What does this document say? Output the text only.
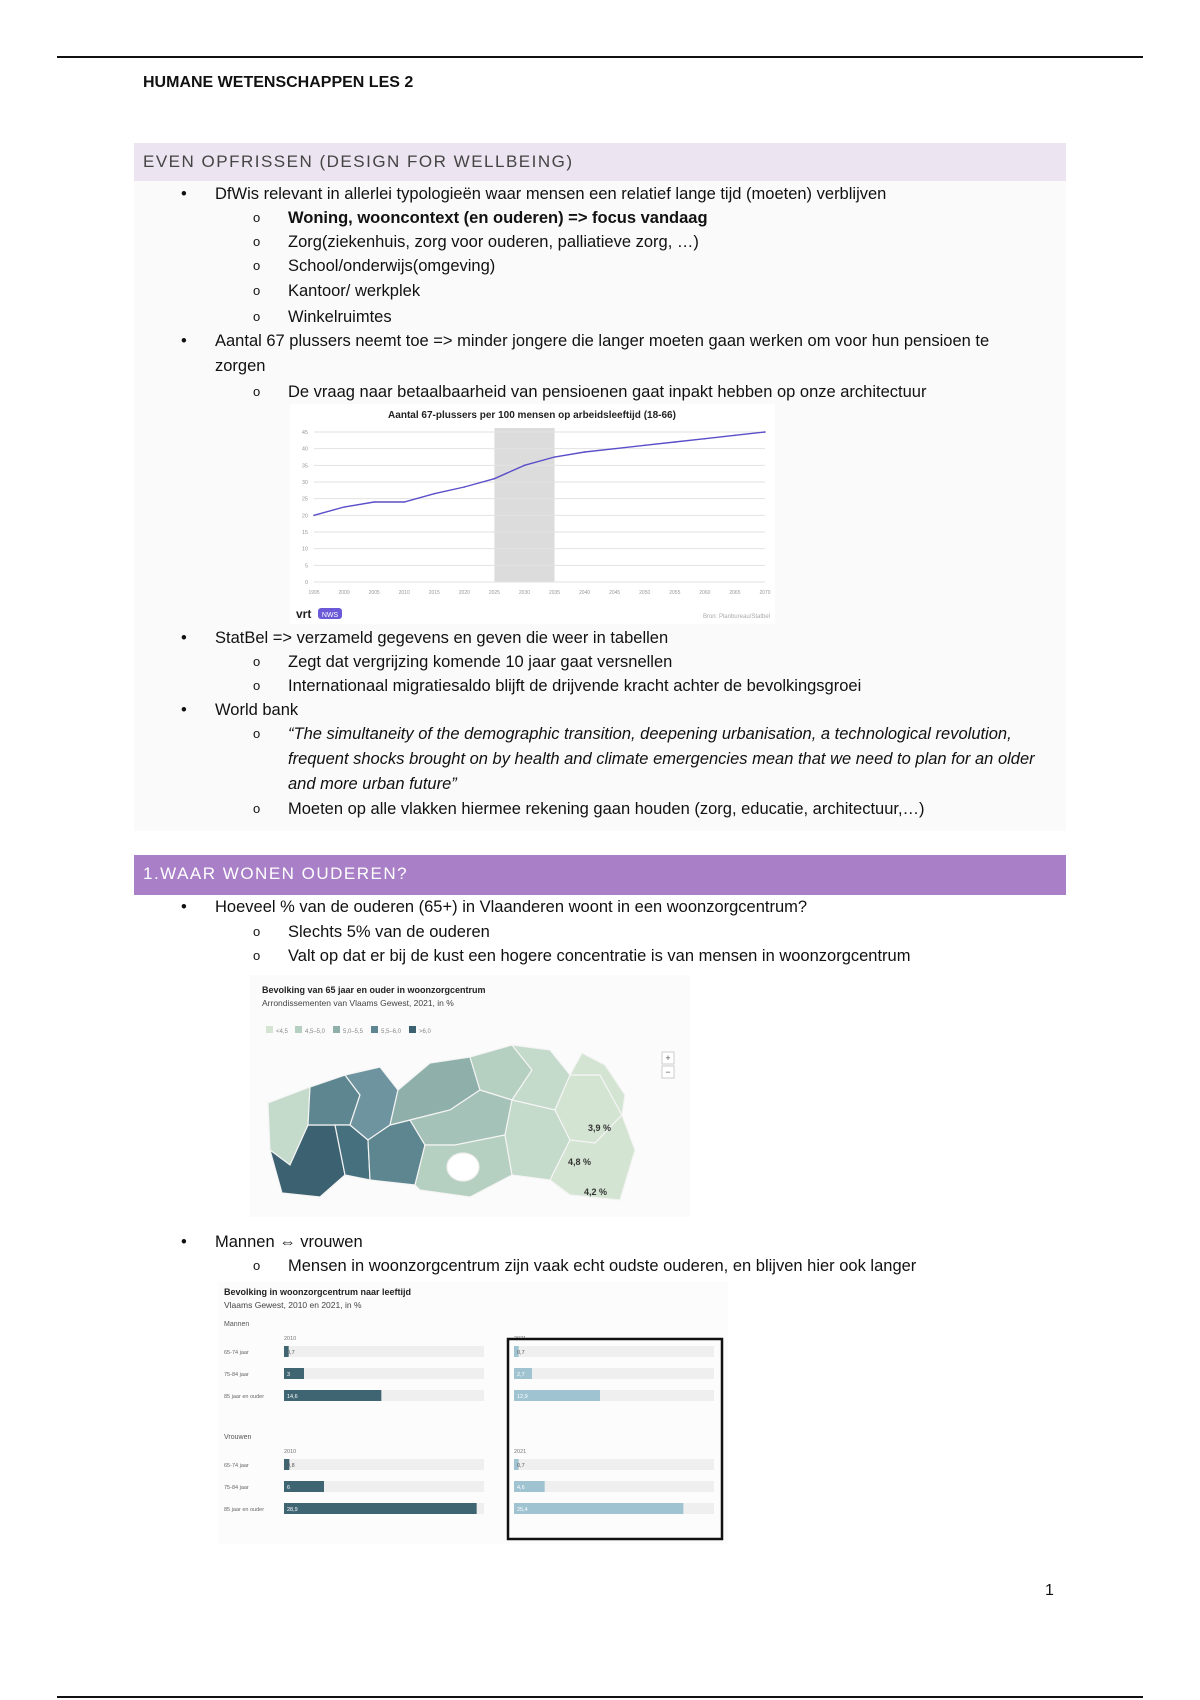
HUMANE WETENSCHAPPEN LES 2
EVEN OPFRISSEN (DESIGN FOR WELLBEING)
DfWis relevant in allerlei typologieën waar mensen een relatief lange tijd (moeten) verblijven
Woning, wooncontext (en ouderen) => focus vandaag
Zorg(ziekenhuis, zorg voor ouderen, palliatieve zorg, …)
School/onderwijs(omgeving)
Kantoor/ werkplek
Winkelruimtes
Aantal 67 plussers neemt toe => minder jongere die langer moeten gaan werken om voor hun pensioen te zorgen
De vraag naar betaalbaarheid van pensioenen gaat inpakt hebben op onze architectuur
Aantal 67-plussers per 100 mensen op arbeidsleeftijd (18-66)
0
5
10
15
20
25
30
35
40
45
1995	2000	2005	2010	2015	2020	2025	2030	2035	2040	2045	2050	2055	2060	2065	2070
vrt NWS	Bron: Planbureau/Statbel
StatBel => verzameld gegevens en geven die weer in tabellen
Zegt dat vergrijzing komende 10 jaar gaat versnellen
Internationaal migratiesaldo blijft de drijvende kracht achter de bevolkingsgroei
World bank
“The simultaneity of the demographic transition, deepening urbanisation, a technological revolution, frequent shocks brought on by health and climate emergencies mean that we need to plan for an older and more urban future”
Moeten op alle vlakken hiermee rekening gaan houden (zorg, educatie, architectuur,…)
1.WAAR WONEN OUDEREN?
Hoeveel % van de ouderen (65+) in Vlaanderen woont in een woonzorgcentrum?
Slechts 5% van de ouderen
Valt op dat er bij de kust een hogere concentratie is van mensen in woonzorgcentrum
Bevolking van 65 jaar en ouder in woonzorgcentrum
Arrondissementen van Vlaams Gewest, 2021, in %
<4,5	4,5–5,0	5,0–5,5	5,5–6,0	>6,0
+
−
3,9 %
4,8 %
4,2 %
Mannen ⇔ vrouwen
Mensen in woonzorgcentrum zijn vaak echt oudste ouderen, en blijven hier ook langer
Bevolking in woonzorgcentrum naar leeftijd
Vlaams Gewest, 2010 en 2021, in %
Mannen
2010
65-74 jaar	0,7
75-84 jaar	3
85 jaar en ouder	14,6
2021
0,7
2,7
12,9
Vrouwen
2010
65-74 jaar	0,8
75-84 jaar	6
85 jaar en ouder	28,9
2021
0,7
4,6
25,4
1
